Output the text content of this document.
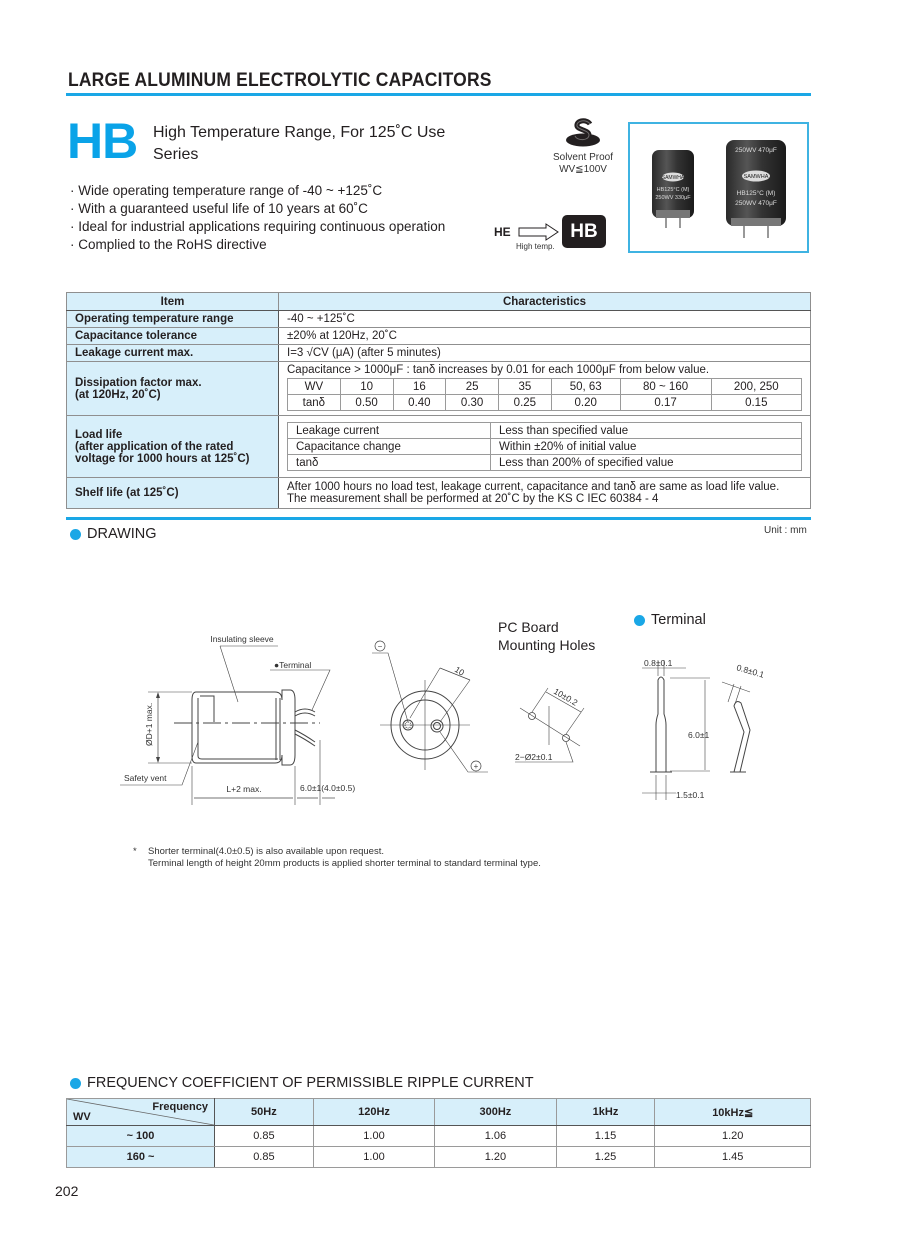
LARGE ALUMINUM ELECTROLYTIC CAPACITORS
HB High Temperature Range, For 125˚C Use
Series
· Wide operating temperature range of -40 ~ +125˚C
· With a guaranteed useful life of 10 years at 60˚C
· Ideal for industrial applications requiring continuous operation
· Complied to the RoHS directive
Solvent Proof
WV≦100V
HE
High temp.
HB
SAMWHA
HB125°C (M)
250WV 330μF
250WV 470μF
SAMWHA
HB125°C (M)
250WV 470μF
Item	Characteristics
Operating temperature range	-40 ~ +125˚C
Capacitance tolerance	±20% at 120Hz, 20˚C
Leakage current max.	I=3 √CV (μA) (after 5 minutes)

Dissipation factor max.
(at 120Hz, 20˚C)

Capacitance > 1000μF : tanδ increases by 0.01 for each 1000μF from below value.
WV	10	16	25	35	50, 63	80 ~ 160	200, 250
tanδ	0.50	0.40	0.30	0.25	0.20	0.17	0.15

Load life
(after application of the rated
voltage for 1000 hours at 125˚C)

Leakage current	Less than specified value
Capacitance change	Within ±20% of initial value
tanδ	Less than 200% of specified value

Shelf life (at 125˚C)	After 1000 hours no load test, leakage current, capacitance and tanδ are same as load life value.
The measurement shall be performed at 20˚C by the KS C IEC 60384 - 4
DRAWING	Unit : mm
Insulating sleeve
●Terminal
ØD+1 max.
Safety vent
L+2 max.	6.0±1(4.0±0.5)
−
+
10
PC Board
Mounting Holes
10±0.2
2−Ø2±0.1
Terminal
0.8±0.1	0.8±0.1
6.0±1
1.5±0.1
* Shorter terminal(4.0±0.5) is also available upon request.
Terminal length of height 20mm products is applied shorter terminal to standard terminal type.
FREQUENCY COEFFICIENT OF PERMISSIBLE RIPPLE CURRENT
Frequency
WV	50Hz	120Hz	300Hz	1kHz	10kHz≦
~ 100	0.85	1.00	1.06	1.15	1.20
160 ~	0.85	1.00	1.20	1.25	1.45
202
